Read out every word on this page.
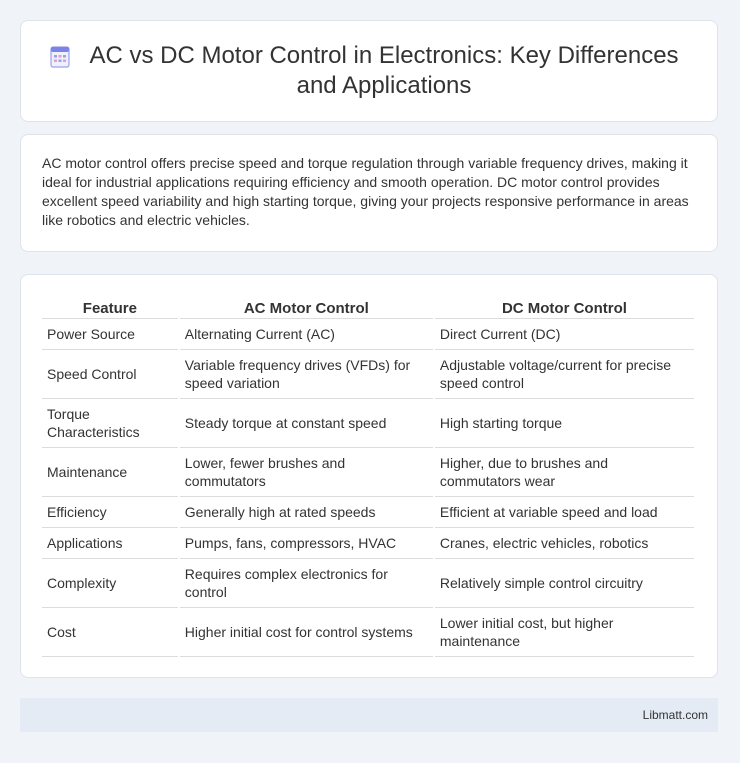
AC vs DC Motor Control in Electronics: Key Differences and Applications

AC motor control offers precise speed and torque regulation through variable frequency drives, making it ideal for industrial applications requiring efficiency and smooth operation. DC motor control provides excellent speed variability and high starting torque, giving your projects responsive performance in areas like robotics and electric vehicles.

Feature	AC Motor Control	DC Motor Control
Power Source	Alternating Current (AC)	Direct Current (DC)
Speed Control	Variable frequency drives (VFDs) for speed variation	Adjustable voltage/current for precise speed control
Torque Characteristics	Steady torque at constant speed	High starting torque
Maintenance	Lower, fewer brushes and commutators	Higher, due to brushes and commutators wear
Efficiency	Generally high at rated speeds	Efficient at variable speed and load
Applications	Pumps, fans, compressors, HVAC	Cranes, electric vehicles, robotics
Complexity	Requires complex electronics for control	Relatively simple control circuitry
Cost	Higher initial cost for control systems	Lower initial cost, but higher maintenance
Libmatt.com
